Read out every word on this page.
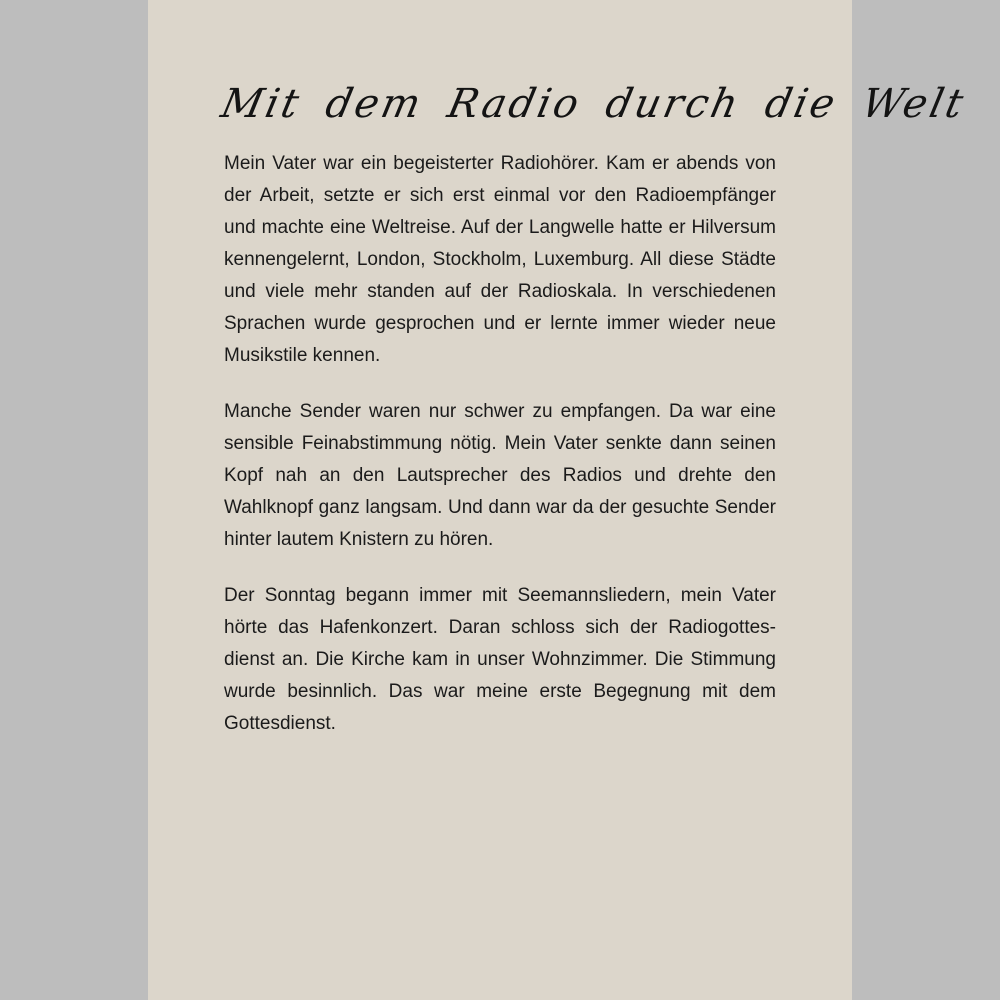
Mit dem Radio durch die Welt

Mein Vater war ein begeisterter Radiohörer. Kam er abends von der Arbeit, setzte er sich erst einmal vor den Radioempfänger und machte eine Weltreise. Auf der Langwelle hatte er Hilversum kennengelernt, London, Stockholm, Luxemburg. All diese Städte und viele mehr standen auf der Radioskala. In verschiedenen Sprachen wurde gesprochen und er lernte immer wieder neue Musikstile kennen.

Manche Sender waren nur schwer zu empfangen. Da war eine sensible Feinabstimmung nötig. Mein Vater senkte dann seinen Kopf nah an den Lautsprecher des Radios und drehte den Wahlknopf ganz langsam. Und dann war da der gesuchte Sender hinter lautem Knistern zu hören.

Der Sonntag begann immer mit Seemannsliedern, mein Vater hörte das Hafenkonzert. Daran schloss sich der Radiogottesdienst an. Die Kirche kam in unser Wohnzimmer. Die Stimmung wurde besinnlich. Das war meine erste Begegnung mit dem Gottesdienst.
